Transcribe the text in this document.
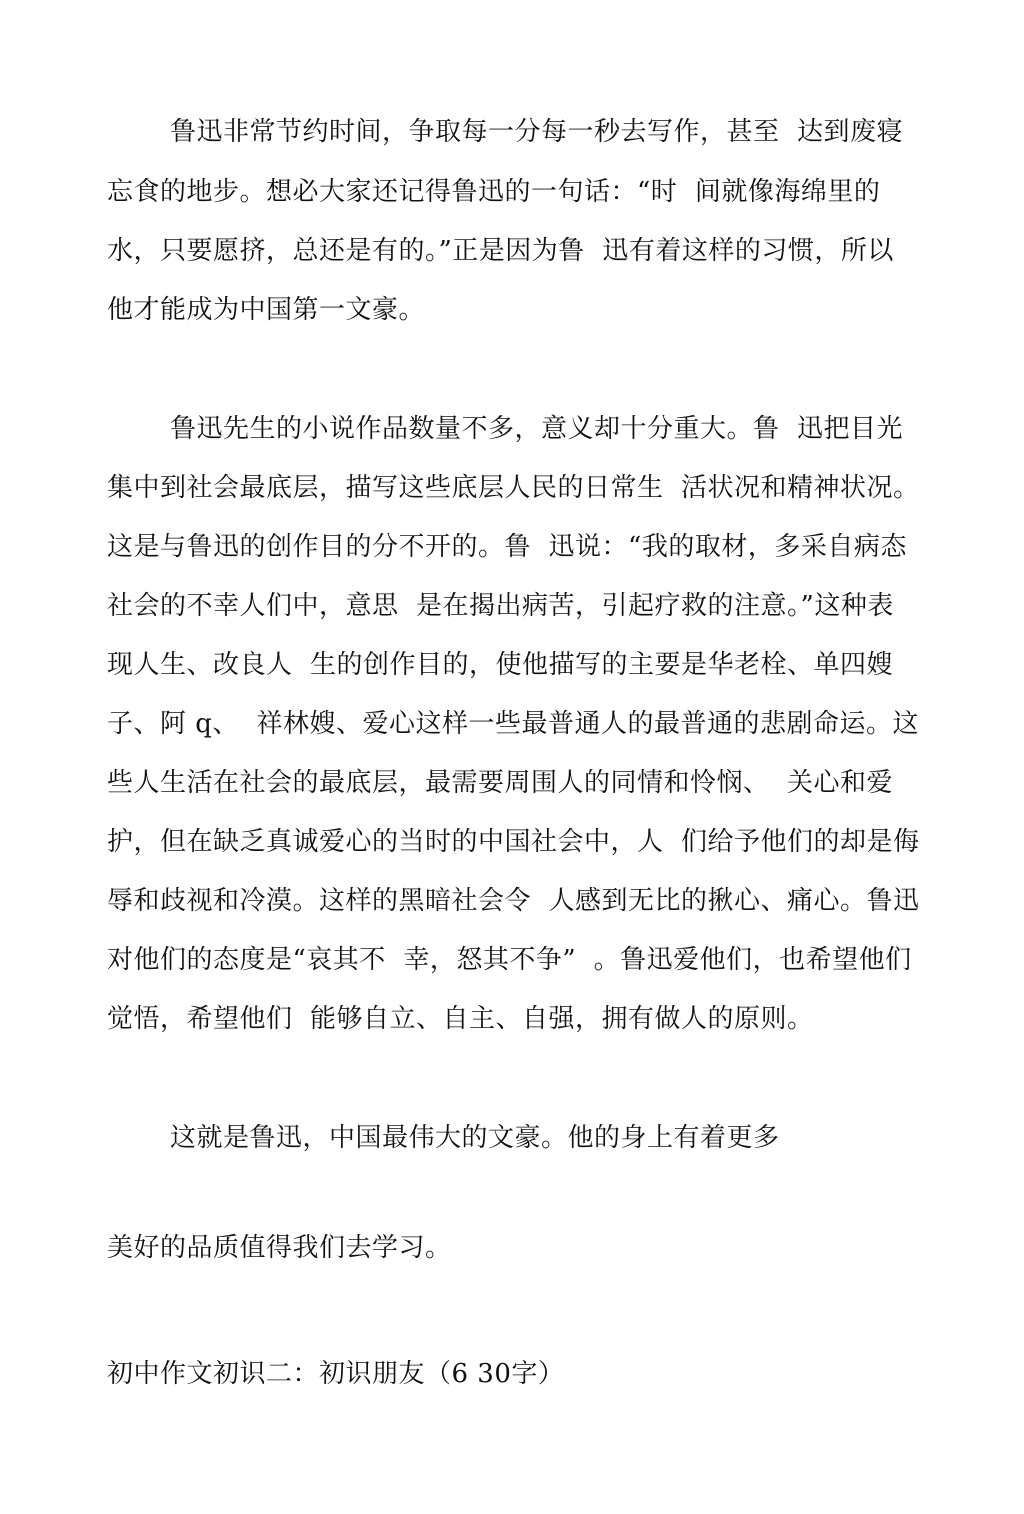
鲁迅非常节约时间，争取每一分每一秒去写作，甚至  达到废寝
忘食的地步。想必大家还记得鲁迅的一句话：“时  间就像海绵里的
水，只要愿挤，总还是有的。”正是因为鲁  迅有着这样的习惯，所以
他才能成为中国第一文豪。
鲁迅先生的小说作品数量不多，意义却十分重大。鲁  迅把目光
集中到社会最底层，描写这些底层人民的日常生  活状况和精神状况。
这是与鲁迅的创作目的分不开的。鲁  迅说：“我的取材，多采自病态
社会的不幸人们中，意思  是在揭出病苦，引起疗救的注意。”这种表
现人生、改良人  生的创作目的，使他描写的主要是华老栓、单四嫂
子、阿 q、  祥林嫂、爱心这样一些最普通人的最普通的悲剧命运。这
些人生活在社会的最底层，最需要周围人的同情和怜悯、  关心和爱
护，但在缺乏真诚爱心的当时的中国社会中，人  们给予他们的却是侮
辱和歧视和冷漠。这样的黑暗社会令  人感到无比的揪心、痛心。鲁迅
对他们的态度是“哀其不  幸，怒其不争”  。鲁迅爱他们，也希望他们
觉悟，希望他们  能够自立、自主、自强，拥有做人的原则。
这就是鲁迅，中国最伟大的文豪。他的身上有着更多
美好的品质值得我们去学习。
初中作文初识二：初识朋友（6 30字）
